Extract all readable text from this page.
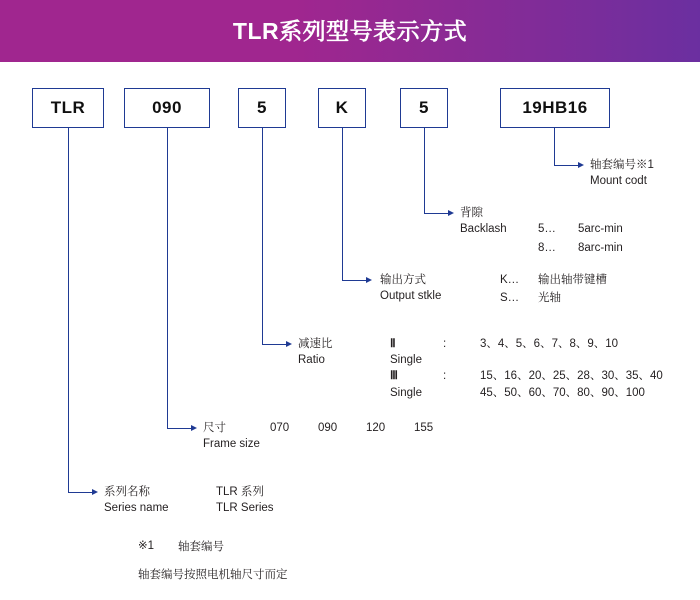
TLR系列型号表示方式
TLR	090	5	K	5	19HB16
轴套编号※1
Mount codt
背隙
Backlash	5… 5arc-min
8… 8arc-min
输出方式
Output stkle
K… 输出轴带键槽
S… 光轴
减速比
Ratio
Ⅱ	:	3、4、5、6、7、8、9、10
Single
Ⅲ	:	15、16、20、25、28、30、35、40
Single	45、50、60、70、80、90、100
尺寸
Frame size
070	090	120	155
系列名称
Series name
TLR 系列
TLR Series
※1 轴套编号
轴套编号按照电机轴尺寸而定
